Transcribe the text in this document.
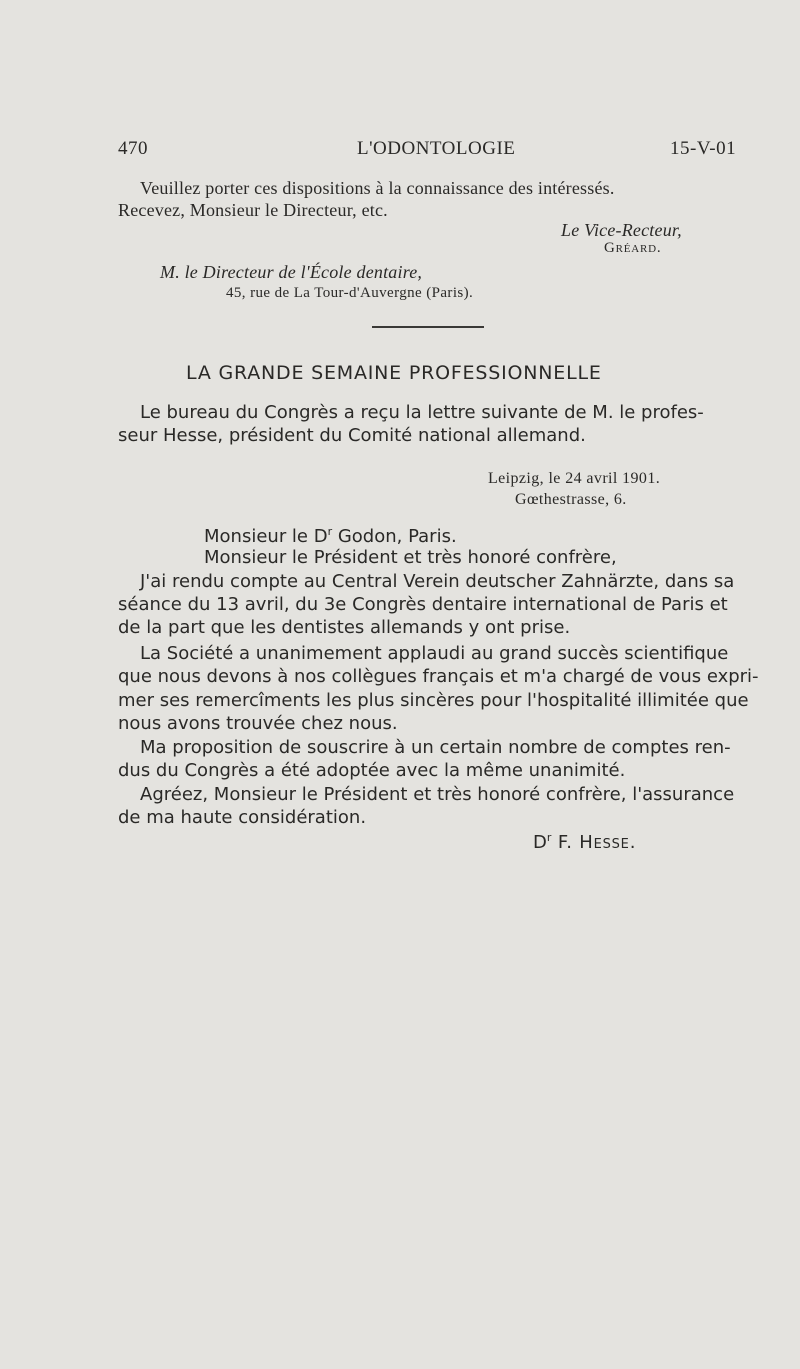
470	L'ODONTOLOGIE	15-V-01
Veuillez porter ces dispositions à la connaissance des intéressés.
Recevez, Monsieur le Directeur, etc.
Le Vice-Recteur,
Gréard.
M. le Directeur de l'École dentaire,
45, rue de La Tour-d'Auvergne (Paris).
LA GRANDE SEMAINE PROFESSIONNELLE
Le bureau du Congrès a reçu la lettre suivante de M. le profes-
seur Hesse, président du Comité national allemand.
Leipzig, le 24 avril 1901.
Gœthestrasse, 6.
Monsieur le $D^r$ Godon, Paris.
Monsieur le Président et très honoré confrère,
J'ai rendu compte au Central Verein deutscher Zahnärzte, dans sa
séance du 13 avril, du 3e Congrès dentaire international de Paris et
de la part que les dentistes allemands y ont prise.
La Société a unanimement applaudi au grand succès scientifique
que nous devons à nos collègues français et m'a chargé de vous expri-
mer ses remercîments les plus sincères pour l'hospitalité illimitée que
nous avons trouvée chez nous.
Ma proposition de souscrire à un certain nombre de comptes ren-
dus du Congrès a été adoptée avec la même unanimité.
Agréez, Monsieur le Président et très honoré confrère, l'assurance
de ma haute considération.
$D^r$ F. Hesse.
